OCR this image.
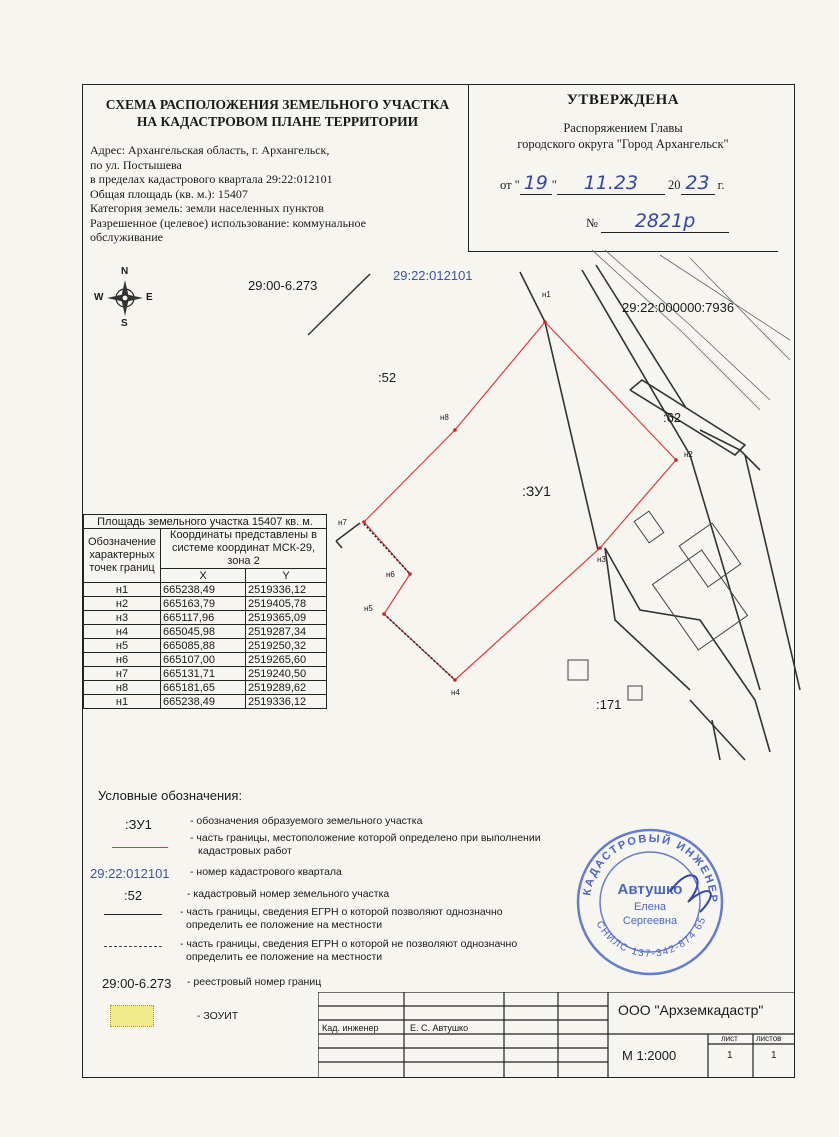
СХЕМА РАСПОЛОЖЕНИЯ ЗЕМЕЛЬНОГО УЧАСТКА
НА КАДАСТРОВОМ ПЛАНЕ ТЕРРИТОРИИ
Адрес: Архангельская область, г. Архангельск,
по ул. Постышева
в пределах кадастрового квартала 29:22:012101
Общая площадь (кв. м.): 15407
Категория земель: земли населенных пунктов
Разрешенное (целевое) использование: коммунальное
обслуживание
УТВЕРЖДЕНА
Распоряжением Главы
городского округа "Город Архангельск"
от " 19 " 11.23 20 23 г.
№ 2821р
N
S
W	E
29:00-6.273
29:22:012101
:52
:62
:171
29:22:000000:7936
:ЗУ1
н1
н2
н3
н4
н5
н6
н7
н8
Площадь земельного участка 15407 кв. м.		
Обозначение характерных точек границ	Координаты представлены в системе координат МСК-29, зона 2	
	X	Y
н1	665238,49	2519336,12
н2	665163,79	2519405,78
н3	665117,96	2519365,09
н4	665045,98	2519287,34
н5	665085,88	2519250,32
н6	665107,00	2519265,60
н7	665131,71	2519240,50
н8	665181,65	2519289,62
н1	665238,49	2519336,12
Условные обозначения:
:ЗУ1	- обозначения образуемого земельного участка
- часть границы, местоположение которой определено при выполнении
кадастровых работ
29:22:012101 - номер кадастрового квартала
:52	- кадастровый номер земельного участка
- часть границы, сведения ЕГРН о которой позволяют однозначно
определить ее положение на местности
- часть границы, сведения ЕГРН о которой не позволяют однозначно
определить ее положение на местности
29:00-6.273 - реестровый номер границ
- ЗОУИТ
КАДАСТРОВЫЙ ИНЖЕНЕР
СНИЛС 137-342-874 65
Автушко
Елена
Сергеевна
Кад. инженер	Е. С. Автушко
ООО "Архземкадастр"
М 1:2000
лист листов
1	1
